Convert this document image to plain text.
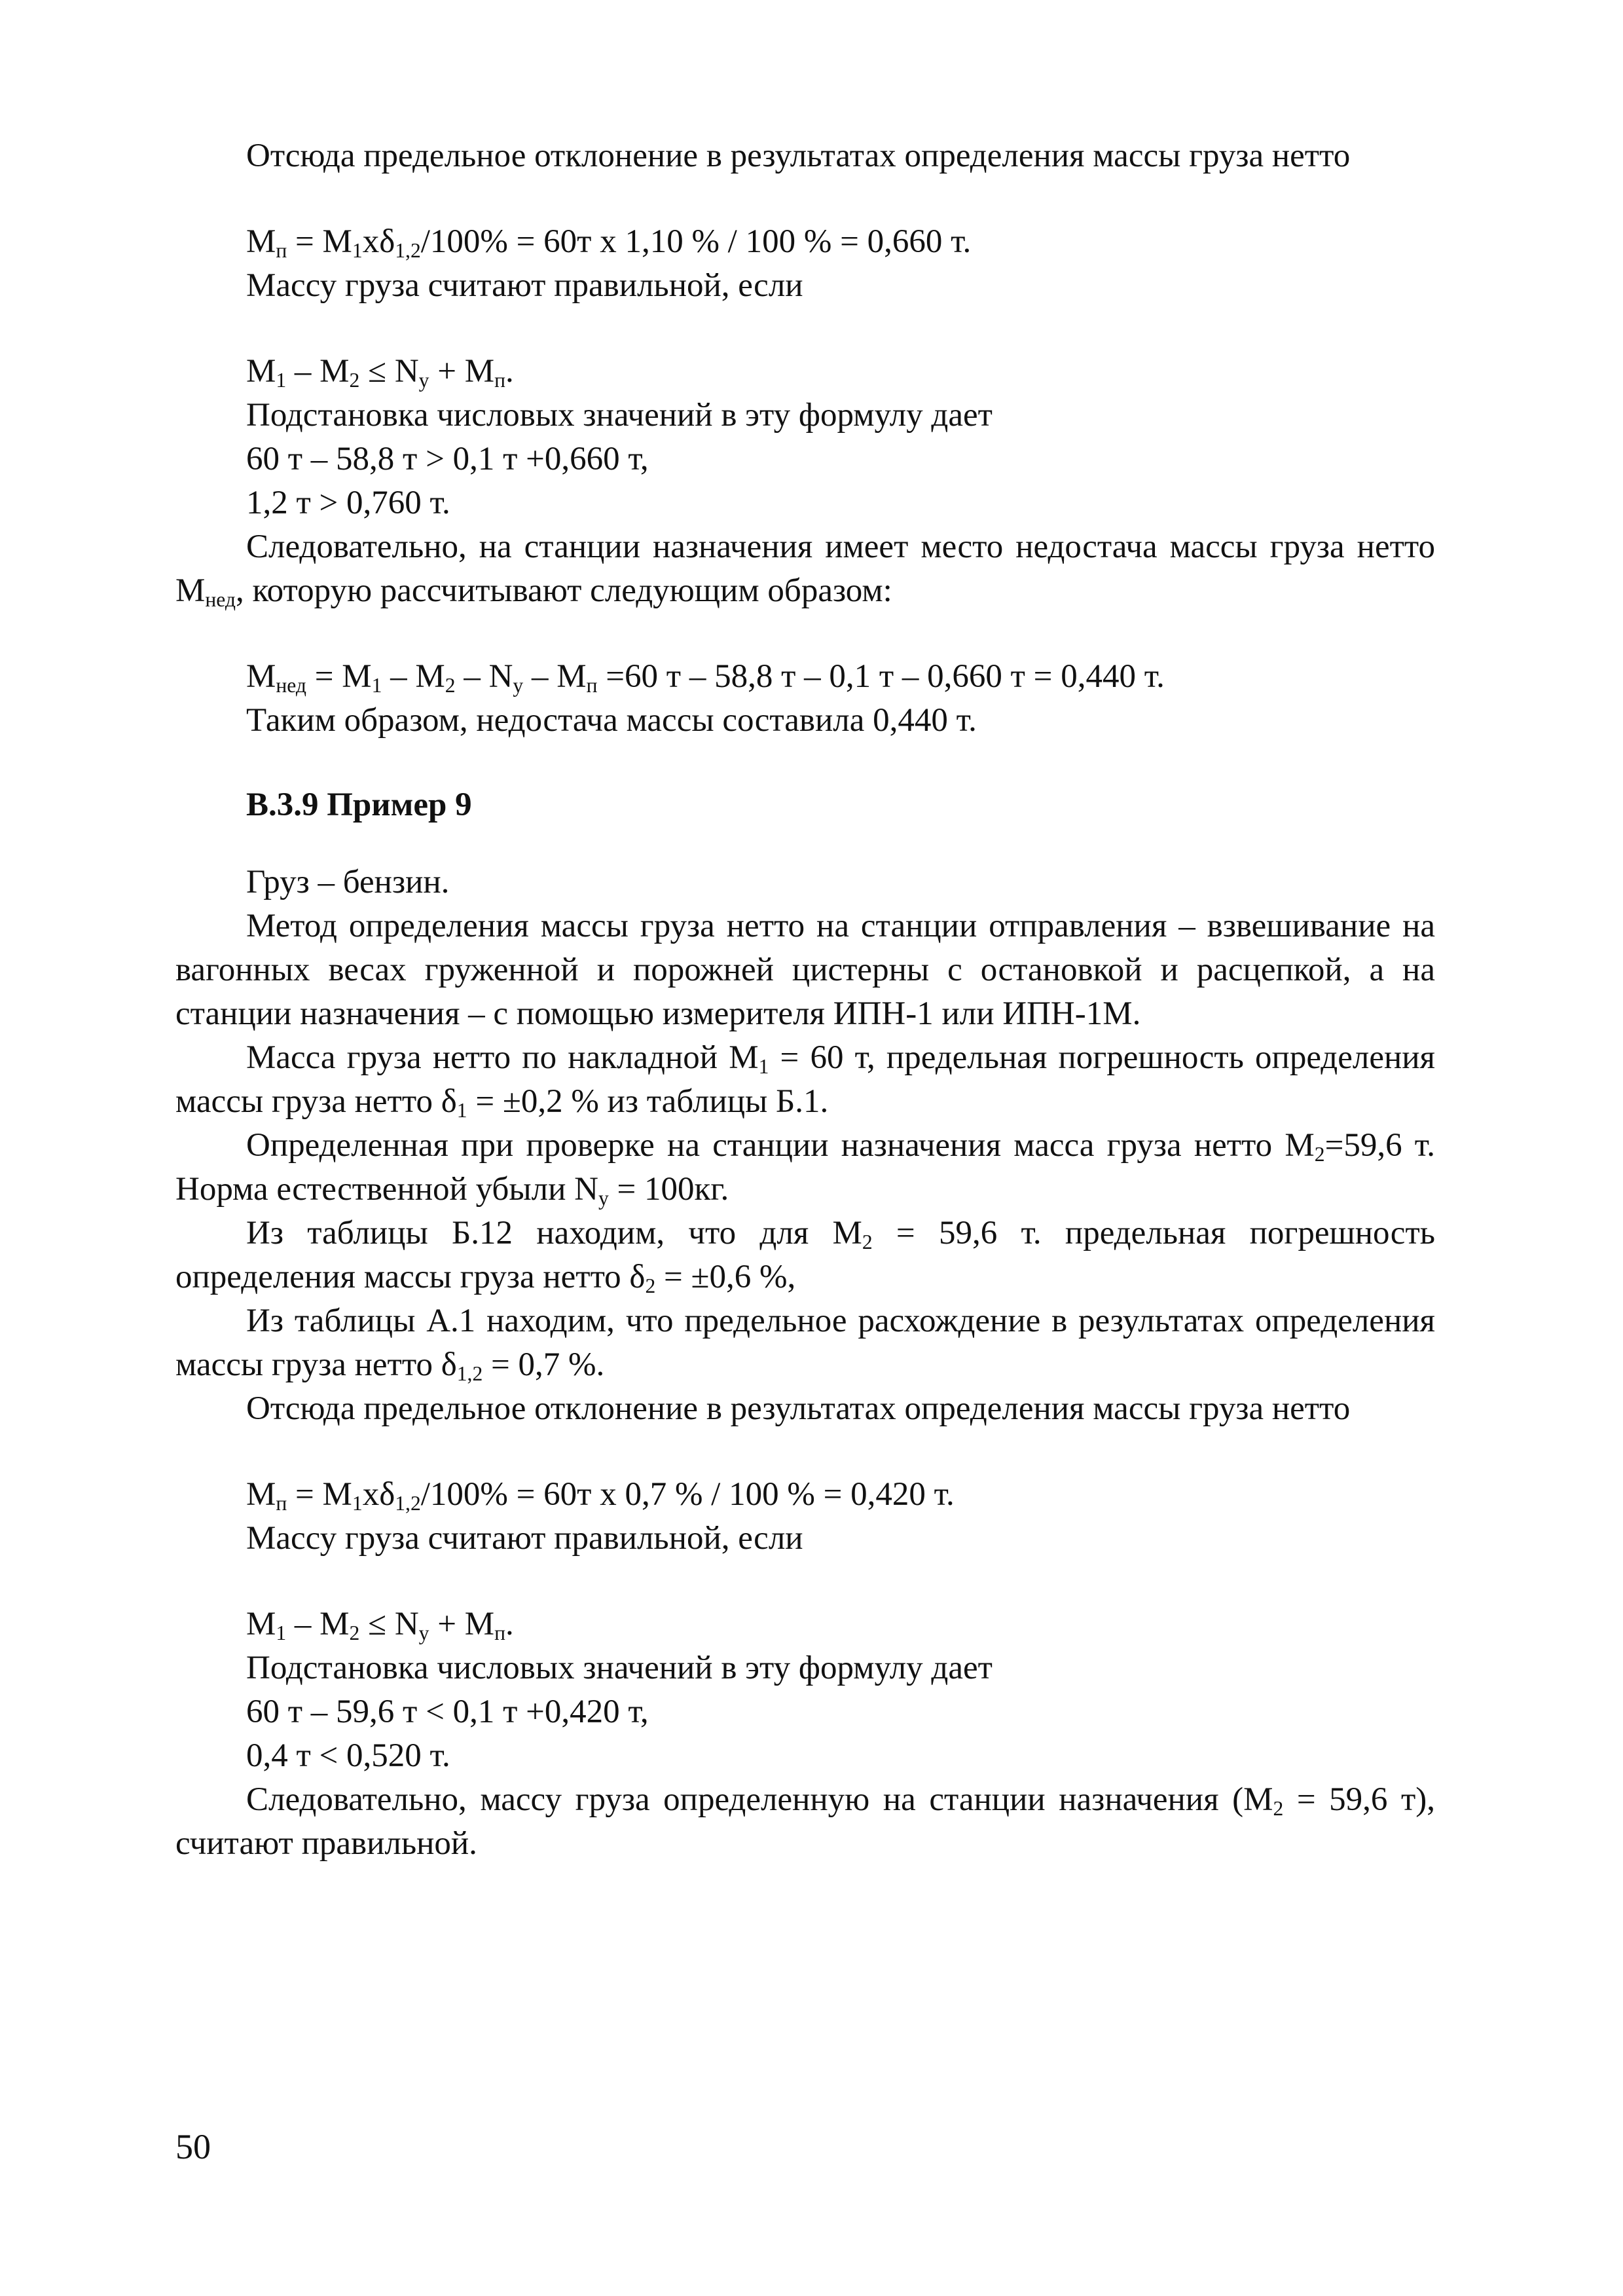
Отсюда предельное отклонение в результатах определения массы груза нетто

$М_п = М_1x\delta_{1,2}/100\% = 60т$ х 1,10 % / 100 % = 0,660 т.

Массу груза считают правильной, если

$М_1 - М_2 \le N_у + М_п$.

Подстановка числовых значений в эту формулу дает

60 т – 58,8 т > 0,1 т +0,660 т,

1,2 т > 0,760 т.

Следовательно, на станции назначения имеет место недостача массы груза нетто $М_{нед}$, которую рассчитывают следующим образом:

$М_{нед} = М_1 - М_2 - N_у - М_п =60$ т – 58,8 т – 0,1 т – 0,660 т = 0,440 т.

Таким образом, недостача массы составила 0,440 т.

В.3.9 Пример 9

Груз – бензин.

Метод определения массы груза нетто на станции отправления – взвешивание на вагонных весах груженной и порожней цистерны с остановкой и расцепкой, а на станции назначения – с помощью измерителя ИПН-1 или ИПН-1М.

Масса груза нетто по накладной $М_1 = 60$ т, предельная погрешность определения массы груза нетто $\delta_1 = \pm 0,2$ % из таблицы Б.1.

Определенная при проверке на станции назначения масса груза нетто $М_2=59,6$ т. Норма естественной убыли $N_у = 100кг$.

Из таблицы Б.12 находим, что для $М_2 = 59,6$ т. предельная погрешность определения массы груза нетто $\delta_2 = \pm 0,6$ %,

Из таблицы А.1 находим, что предельное расхождение в результатах определения массы груза нетто $\delta_{1,2} = 0,7$ %.

Отсюда предельное отклонение в результатах определения массы груза нетто

$М_п = М_1x\delta_{1,2}/100\% = 60т$ х 0,7 % / 100 % = 0,420 т.

Массу груза считают правильной, если

$М_1 - М_2 \le N_у + М_п$.

Подстановка числовых значений в эту формулу дает

60 т – 59,6 т < 0,1 т +0,420 т,

0,4 т < 0,520 т.

Следовательно, массу груза определенную на станции назначения ($М_2 = 59,6$ т), считают правильной.

50
